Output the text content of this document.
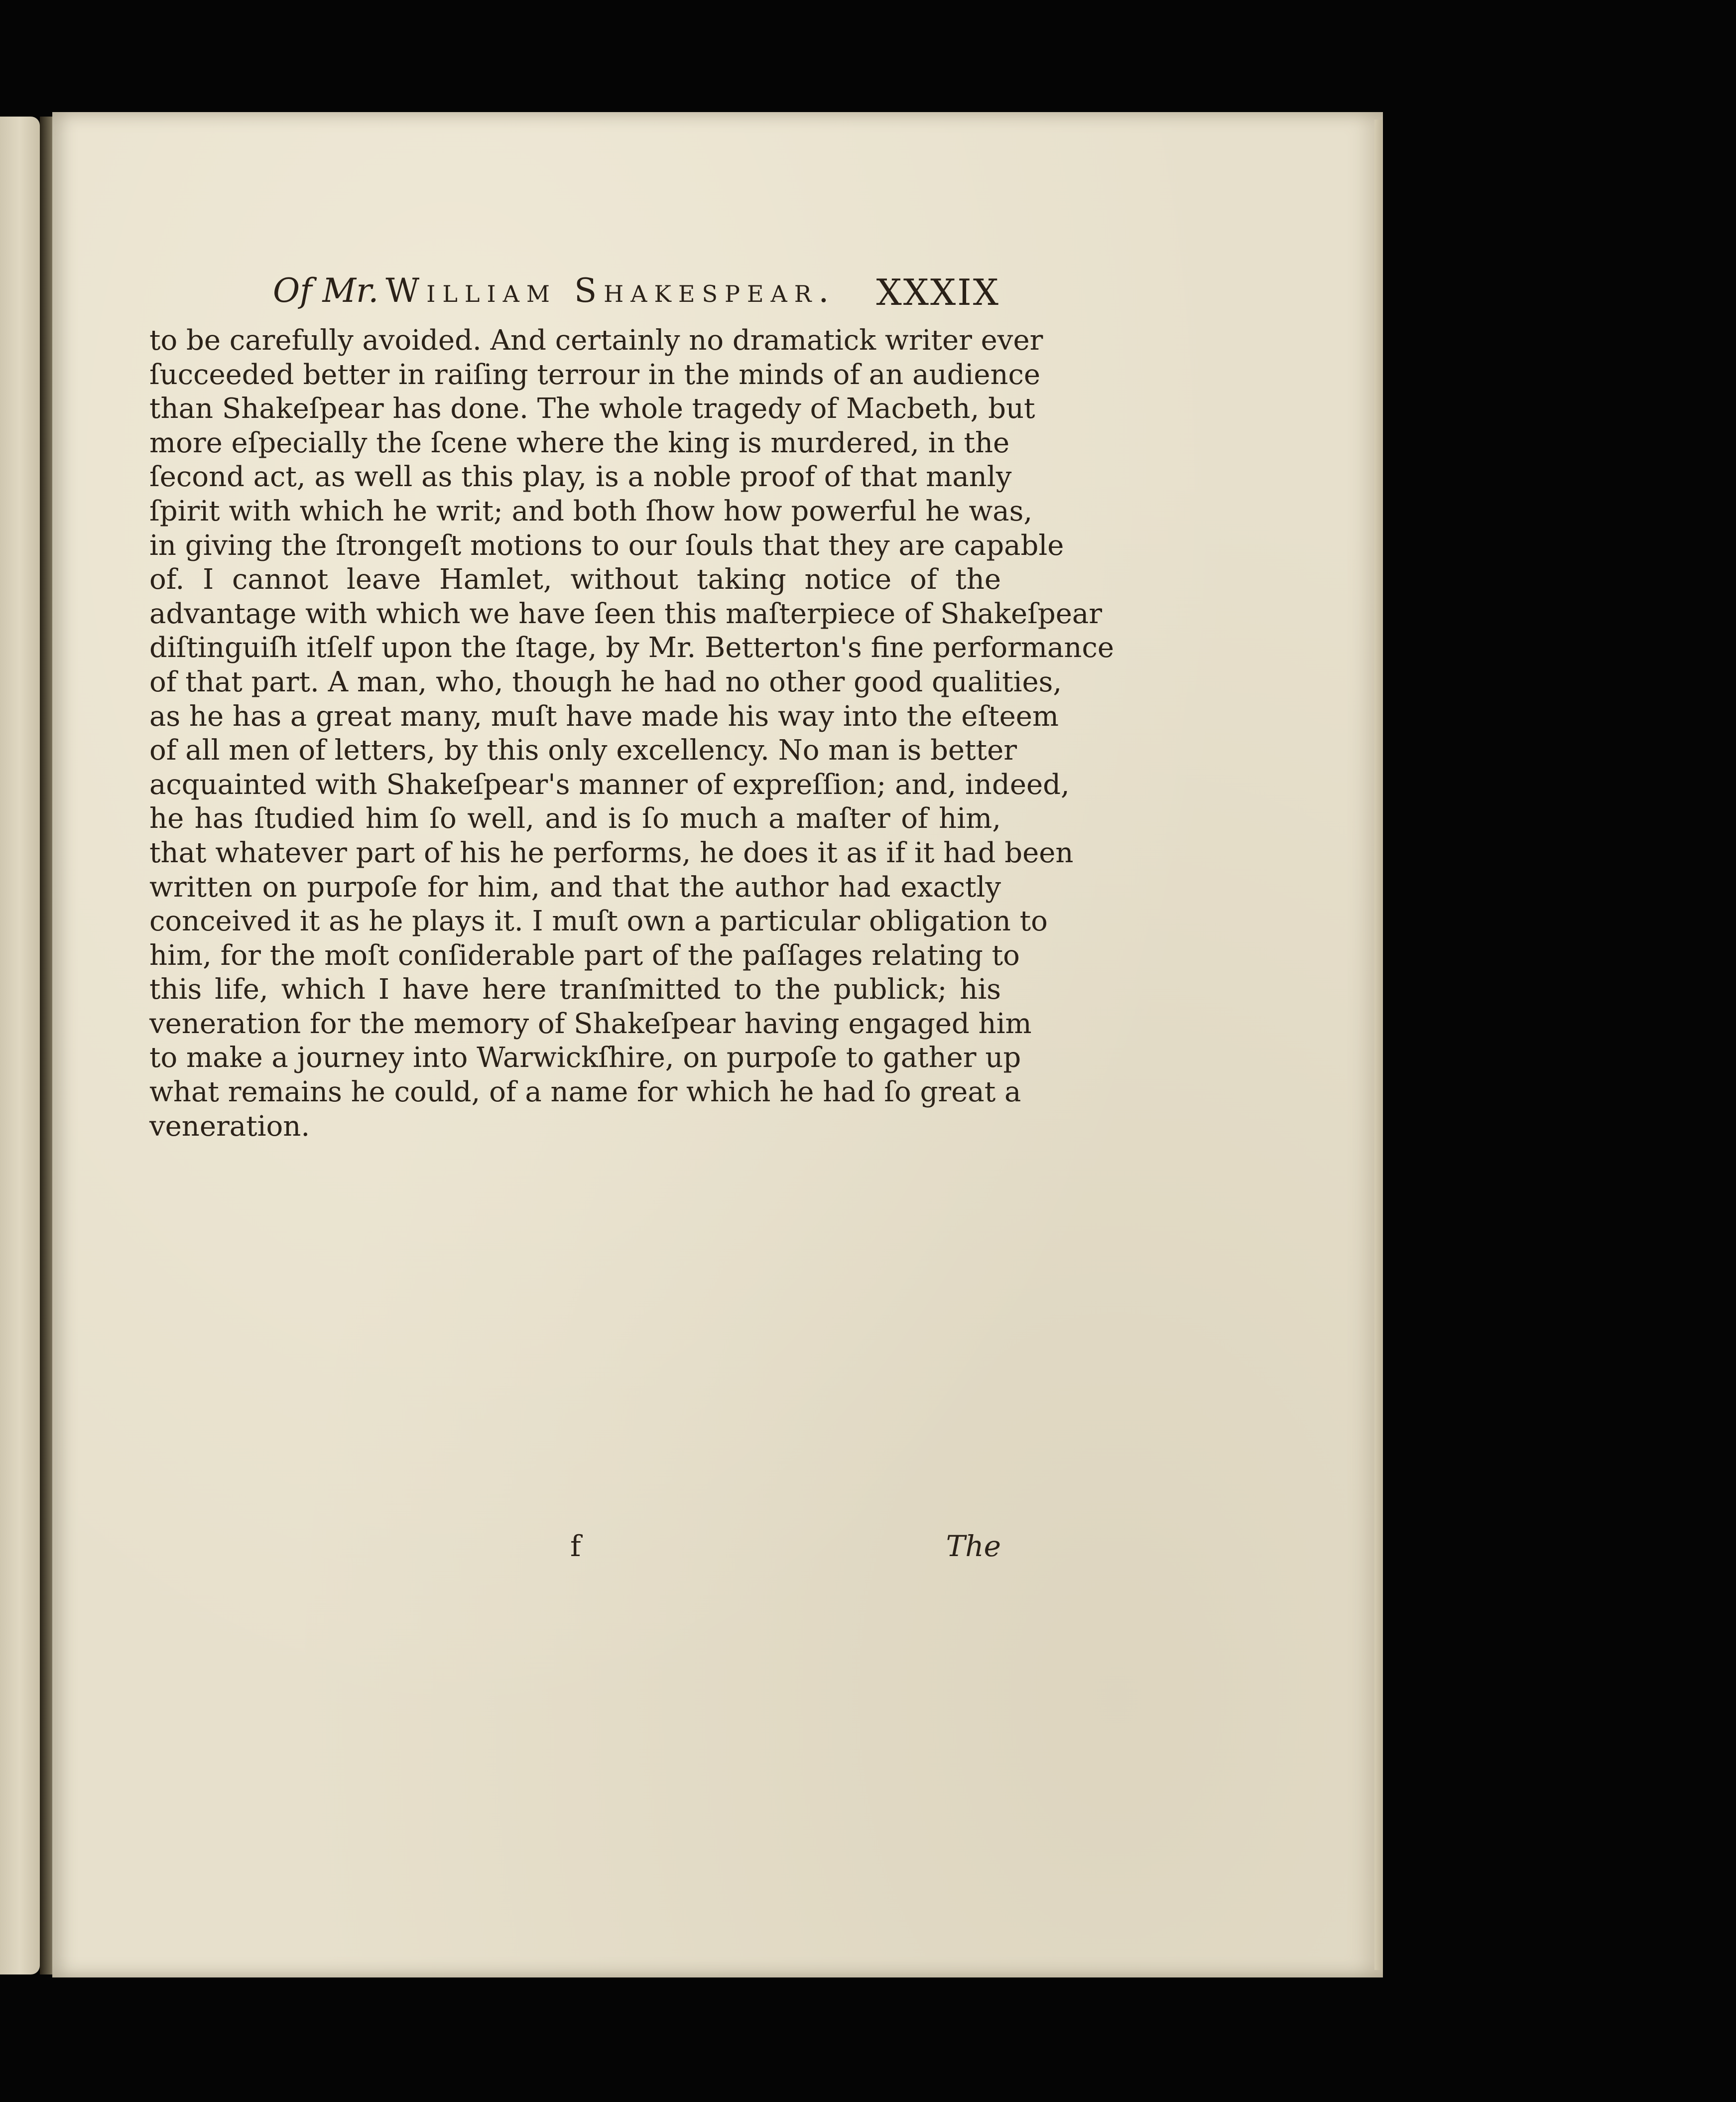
Of Mr. William Shakespear. XXXIX
to be carefully avoided. And certainly no dramatick writer ever
ſucceeded better in raiſing terrour in the minds of an audience
than Shakeſpear has done. The whole tragedy of Macbeth, but
more eſpecially the ſcene where the king is murdered, in the
ſecond act, as well as this play, is a noble proof of that manly
ſpirit with which he writ; and both ſhow how powerful he was,
in giving the ſtrongeſt motions to our ſouls that they are capable
of. I cannot leave Hamlet, without taking notice of the
advantage with which we have ſeen this maſterpiece of Shakeſpear
diſtinguiſh itſelf upon the ſtage, by Mr. Betterton's fine performance
of that part. A man, who, though he had no other good qualities,
as he has a great many, muſt have made his way into the eſteem
of all men of letters, by this only excellency. No man is better
acquainted with Shakeſpear's manner of expreſſion; and, indeed,
he has ſtudied him ſo well, and is ſo much a maſter of him,
that whatever part of his he performs, he does it as if it had been
written on purpoſe for him, and that the author had exactly
conceived it as he plays it. I muſt own a particular obligation to
him, for the moſt conſiderable part of the paſſages relating to
this life, which I have here tranſmitted to the publick; his
veneration for the memory of Shakeſpear having engaged him
to make a journey into Warwickſhire, on purpoſe to gather up
what remains he could, of a name for which he had ſo great a
veneration.
f	The
